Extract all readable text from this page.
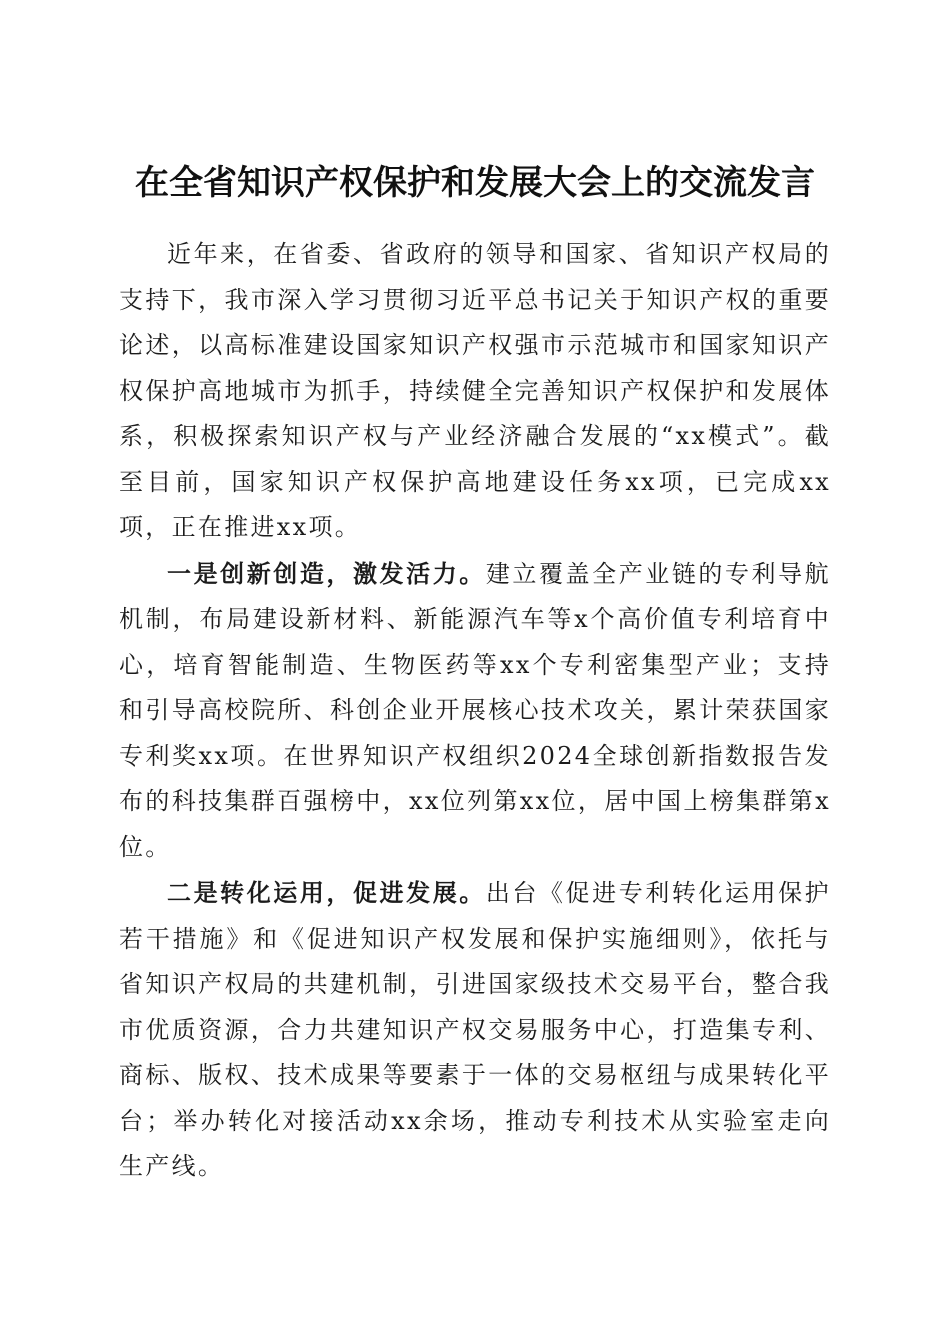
在全省知识产权保护和发展大会上的交流发言

近年来，在省委、省政府的领导和国家、省知识产权局的支持下，我市深入学习贯彻习近平总书记关于知识产权的重要论述，以高标准建设国家知识产权强市示范城市和国家知识产权保护高地城市为抓手，持续健全完善知识产权保护和发展体系，积极探索知识产权与产业经济融合发展的“xx模式”。截至目前，国家知识产权保护高地建设任务xx项，已完成xx项，正在推进xx项。

一是创新创造，激发活力。建立覆盖全产业链的专利导航机制，布局建设新材料、新能源汽车等x个高价值专利培育中心，培育智能制造、生物医药等xx个专利密集型产业；支持和引导高校院所、科创企业开展核心技术攻关，累计荣获国家专利奖xx项。在世界知识产权组织2024全球创新指数报告发布的科技集群百强榜中，xx位列第xx位，居中国上榜集群第x位。

二是转化运用，促进发展。出台《促进专利转化运用保护若干措施》和《促进知识产权发展和保护实施细则》，依托与省知识产权局的共建机制，引进国家级技术交易平台，整合我市优质资源，合力共建知识产权交易服务中心，打造集专利、商标、版权、技术成果等要素于一体的交易枢纽与成果转化平台；举办转化对接活动xx余场，推动专利技术从实验室走向生产线。
